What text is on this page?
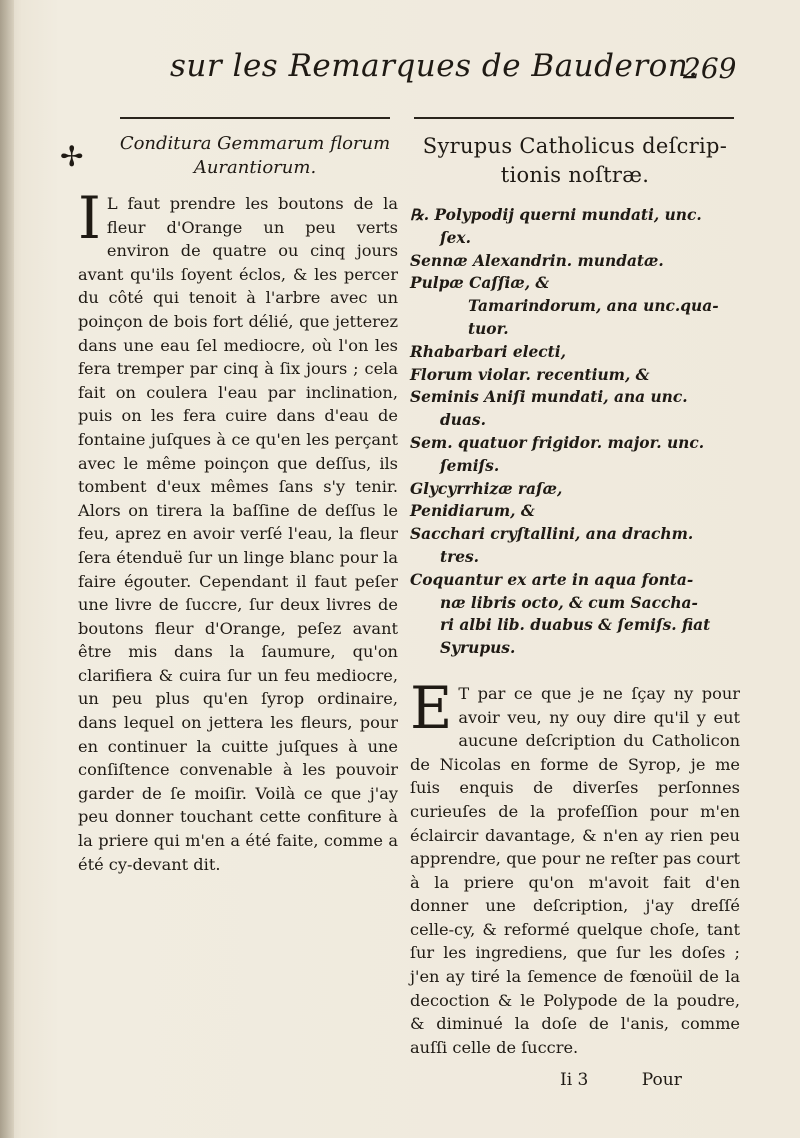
sur les Remarques de Bauderon.
269
✢	Conditura Gemmarum florum
Aurantiorum.

I L faut prendre les boutons de la fleur d'Orange un peu verts environ de quatre ou cinq jours avant qu'ils ſoyent éclos, & les percer du côté qui tenoit à l'arbre avec un poinçon de bois fort délié, que jetterez dans une eau ſel mediocre, où l'on les fera tremper par cinq à ſix jours ; cela fait on coulera l'eau par inclination, puis on les fera cuire dans d'eau de fontaine juſques à ce qu'en les perçant avec le même poinçon que deſſus, ils tombent d'eux mêmes ſans s'y tenir. Alors on tirera la baſſine de deſſus le feu, aprez en avoir verſé l'eau, la fleur ſera étenduë ſur un linge blanc pour la faire égouter. Cependant il faut peſer une livre de ſuccre, ſur deux livres de boutons fleur d'Orange, peſez avant être mis dans la ſaumure, qu'on clarifiera & cuira ſur un feu mediocre, un peu plus qu'en ſyrop ordinaire, dans lequel on jettera les fleurs, pour en continuer la cuitte juſques à une conſiſtence convenable à les pouvoir garder de ſe moiſir. Voilà ce que j'ay peu donner touchant cette confiture à la priere qui m'en a été faite, comme a été cy-devant dit.

Syrupus Catholicus deſcrip-
tionis noſtræ.
℞. Polypodij querni mundati, unc.
ſex.
Sennæ Alexandrin. mundatæ.
Pulpæ Caſſiæ, &
Tamarindorum, ana unc.qua-
tuor.
Rhabarbari electi,
Florum violar. recentium, &
Seminis Aniſi mundati, ana unc.
duas.
Sem. quatuor frigidor. major. unc.
ſemiſs.
Glycyrrhizæ raſæ,
Penidiarum, &
Sacchari cryſtallini, ana drachm.
tres.
Coquantur ex arte in aqua fonta-
næ libris octo, & cum Saccha-
ri albi lib. duabus & ſemiſs. fiat
Syrupus.

E T par ce que je ne ſçay ny pour avoir veu, ny ouy dire qu'il y eut aucune deſcription du Catholicon de Nicolas en forme de Syrop, je me ſuis enquis de diverſes perſonnes curieuſes de la profeſſion pour m'en éclaircir davantage, & n'en ay rien peu apprendre, que pour ne reſter pas court à la priere qu'on m'avoit fait d'en donner une deſcription, j'ay dreſſé celle-cy, & reformé quelque choſe, tant ſur les ingrediens, que ſur les doſes ; j'en ay tiré la ſemence de fœnoüil de la decoction & le Polypode de la poudre, & diminué la doſe de l'anis, comme auſſi celle de ſuccre.

Ii 3	Pour
